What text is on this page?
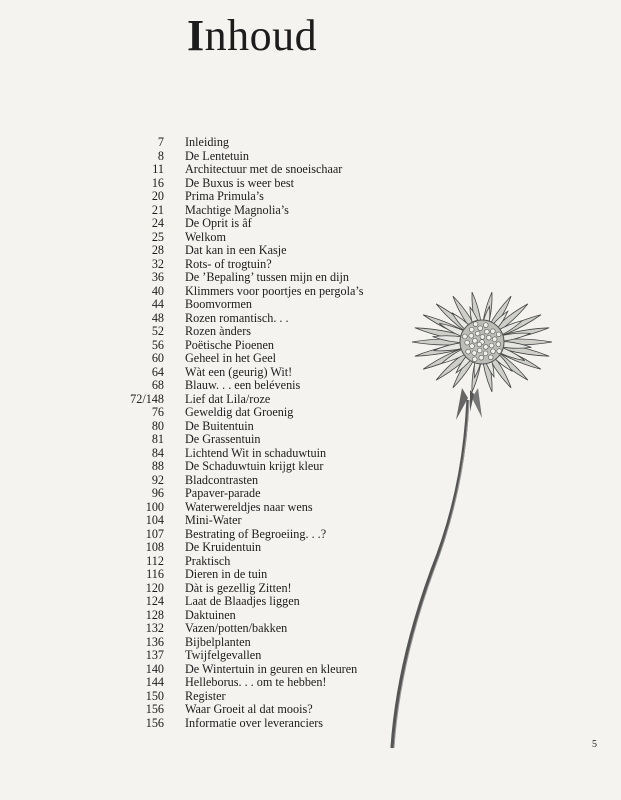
Inhoud
7 Inleiding
8 De Lentetuin
11 Architectuur met de snoeischaar
16 De Buxus is weer best
20 Prima Primula’s
21 Machtige Magnolia’s
24 De Oprit is âf
25 Welkom
28 Dat kan in een Kasje
32 Rots- of trogtuin?
36 De ’Bepaling’ tussen mijn en dijn
40 Klimmers voor poortjes en pergola’s
44 Boomvormen
48 Rozen romantisch. . .
52 Rozen ànders
56 Poëtische Pioenen
60 Geheel in het Geel
64 Wàt een (geurig) Wit!
68 Blauw. . . een belévenis
72/148 Lief dat Lila/roze
76 Geweldig dat Groenig
80 De Buitentuin
81 De Grassentuin
84 Lichtend Wit in schaduwtuin
88 De Schaduwtuin krijgt kleur
92 Bladcontrasten
96 Papaver-parade
100 Waterwereldjes naar wens
104 Mini-Water
107 Bestrating of Begroeiing. . .?
108 De Kruidentuin
112 Praktisch
116 Dieren in de tuin
120 Dàt is gezellig Zitten!
124 Laat de Blaadjes liggen
128 Daktuinen
132 Vazen/potten/bakken
136 Bijbelplanten
137 Twijfelgevallen
140 De Wintertuin in geuren en kleuren
144 Helleborus. . . om te hebben!
150 Register
156 Waar Groeit al dat moois?
156 Informatie over leveranciers
5
